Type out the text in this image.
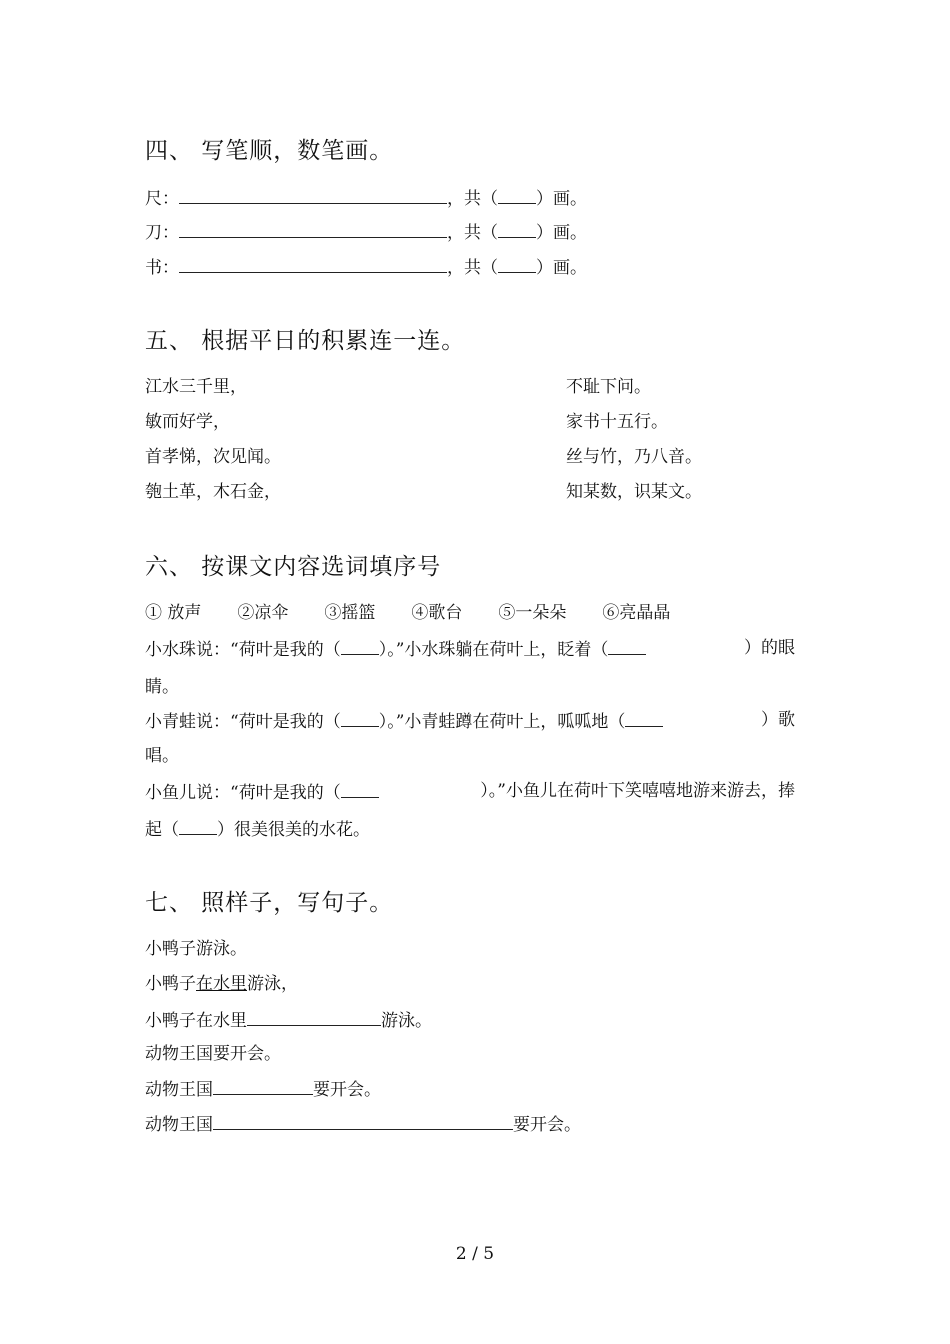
四、 写笔顺，数笔画。
尺：	，共（ ）画。
刀：	，共（ ）画。
书：	，共（ ）画。
五、 根据平日的积累连一连。
江水三千里，	不耻下问。
敏而好学，	家书十五行。
首孝悌，次见闻。	丝与竹，乃八音。
匏土革，木石金，	知某数，识某文。
六、 按课文内容选词填序号
① 放声 ②凉伞 ③摇篮 ④歌台 ⑤一朵朵 ⑥亮晶晶
小水珠说：“荷叶是我的（ ）。”小水珠躺在荷叶上，眨着（	）的眼
睛。
小青蛙说：“荷叶是我的（ ）。”小青蛙蹲在荷叶上，呱呱地（	）歌
唱。
小鱼儿说：“荷叶是我的（	）。”小鱼儿在荷叶下笑嘻嘻地游来游去，捧
起（ ）很美很美的水花。
七、 照样子，写句子。
小鸭子游泳。
小鸭子在水里游泳，
小鸭子在水里	游泳。
动物王国要开会。
动物王国	要开会。
动物王国	要开会。
2 / 5
